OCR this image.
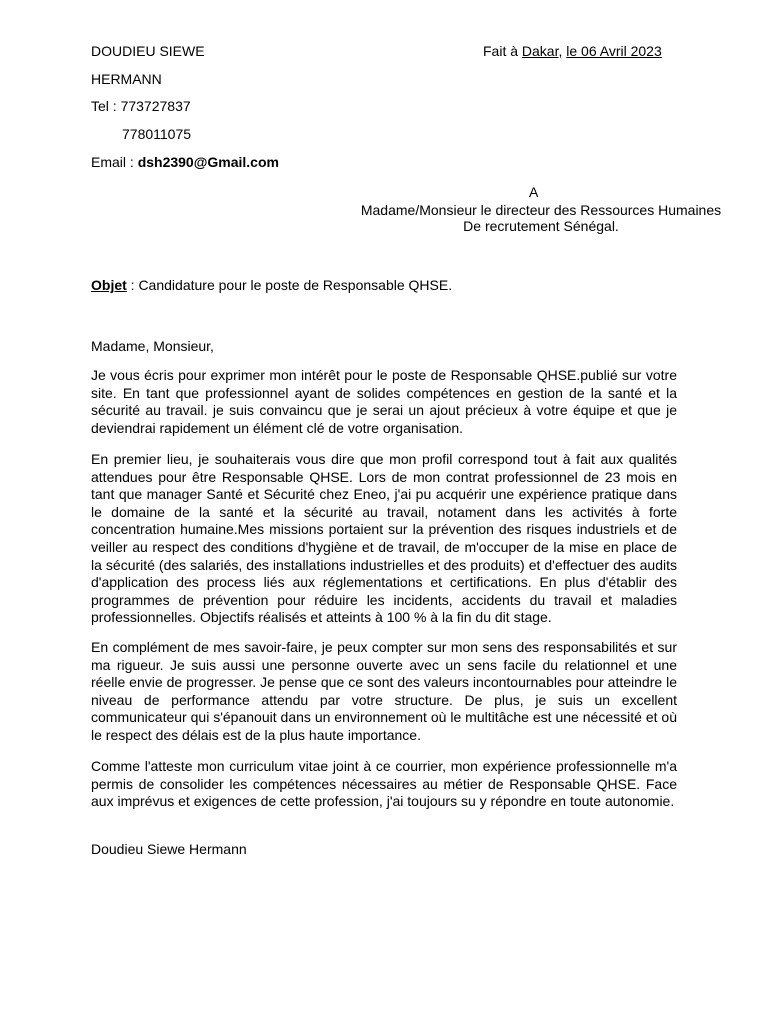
DOUDIEU SIEWE
HERMANN
Tel : 773727837
778011075
Email : dsh2390@Gmail.com
Fait à Dakar, le 06 Avril 2023
A
Madame/Monsieur le directeur des Ressources Humaines
De recrutement Sénégal.
Objet : Candidature pour le poste de Responsable QHSE.
Madame, Monsieur,
Je vous écris pour exprimer mon intérêt pour le poste de Responsable QHSE.publié sur votre site. En tant que professionnel ayant de solides compétences en gestion de la santé et la sécurité au travail. je suis convaincu que je serai un ajout précieux à votre équipe et que je deviendrai rapidement un élément clé de votre organisation.
En premier lieu, je souhaiterais vous dire que mon profil correspond tout à fait aux qualités attendues pour être Responsable QHSE. Lors de mon contrat professionnel de 23 mois en tant que manager Santé et Sécurité chez Eneo, j'ai pu acquérir une expérience pratique dans le domaine de la santé et la sécurité au travail, notament dans les activités à forte concentration humaine.Mes missions portaient sur la prévention des risques industriels et de veiller au respect des conditions d'hygiène et de travail, de m'occuper de la mise en place de la sécurité (des salariés, des installations industrielles et des produits) et d'effectuer des audits d'application des process liés aux réglementations et certifications. En plus d'établir des programmes de prévention pour réduire les incidents, accidents du travail et maladies professionnelles. Objectifs réalisés et atteints à 100 % à la fin du dit stage.
En complément de mes savoir-faire, je peux compter sur mon sens des responsabilités et sur ma rigueur. Je suis aussi une personne ouverte avec un sens facile du relationnel et une réelle envie de progresser. Je pense que ce sont des valeurs incontournables pour atteindre le niveau de performance attendu par votre structure. De plus, je suis un excellent communicateur qui s'épanouit dans un environnement où le multitâche est une nécessité et où le respect des délais est de la plus haute importance.
Comme l'atteste mon curriculum vitae joint à ce courrier, mon expérience professionnelle m'a permis de consolider les compétences nécessaires au métier de Responsable QHSE. Face aux imprévus et exigences de cette profession, j'ai toujours su y répondre en toute autonomie.
Doudieu Siewe Hermann
